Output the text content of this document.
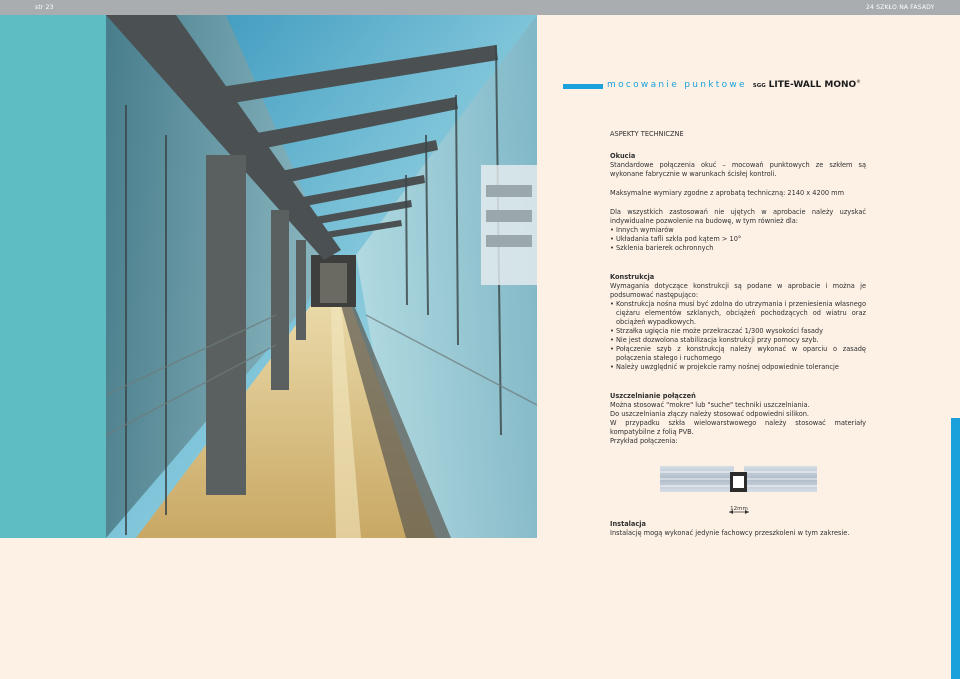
str 23	24 SZKŁO NA FASADY
mocowanie punktowe SGG LITE-WALL MONO®
ASPEKTY TECHNICZNE
Okucia

Standardowe połączenia okuć – mocowań punktowych ze szkłem są wykonane fabrycznie w warunkach ścisłej kontroli.

Maksymalne wymiary zgodne z aprobatą techniczną: 2140 x 4200 mm

Dla wszystkich zastosowań nie ujętych w aprobacie należy uzyskać indywidualne pozwolenie na budowę, w tym również dla:

• Innych wymiarów
• Układania tafli szkła pod kątem > 10°
• Szklenia barierek ochronnych
Konstrukcja

Wymagania dotyczące konstrukcji są podane w aprobacie i można je podsumować następująco:

• Konstrukcja nośna musi być zdolna do utrzymania i przeniesienia własnego ciężaru elementów szklanych, obciążeń pochodzących od wiatru oraz obciążeń wypadkowych.
• Strzałka ugięcia nie może przekraczać 1/300 wysokości fasady
• Nie jest dozwolona stabilizacja konstrukcji przy pomocy szyb.
• Połączenie szyb z konstrukcją należy wykonać w oparciu o zasadę połączenia stałego i ruchomego
• Należy uwzględnić w projekcie ramy nośnej odpowiednie tolerancje
Uszczelnianie połączeń

Można stosować "mokre" lub "suche" techniki uszczelniania.

Do uszczelniania złączy należy stosować odpowiedni silikon.

W przypadku szkła wielowarstwowego należy stosować materiały kompatybilne z folią PVB.

Przykład połączenia:

12mm
Instalacja

Instalację mogą wykonać jedynie fachowcy przeszkoleni w tym zakresie.
